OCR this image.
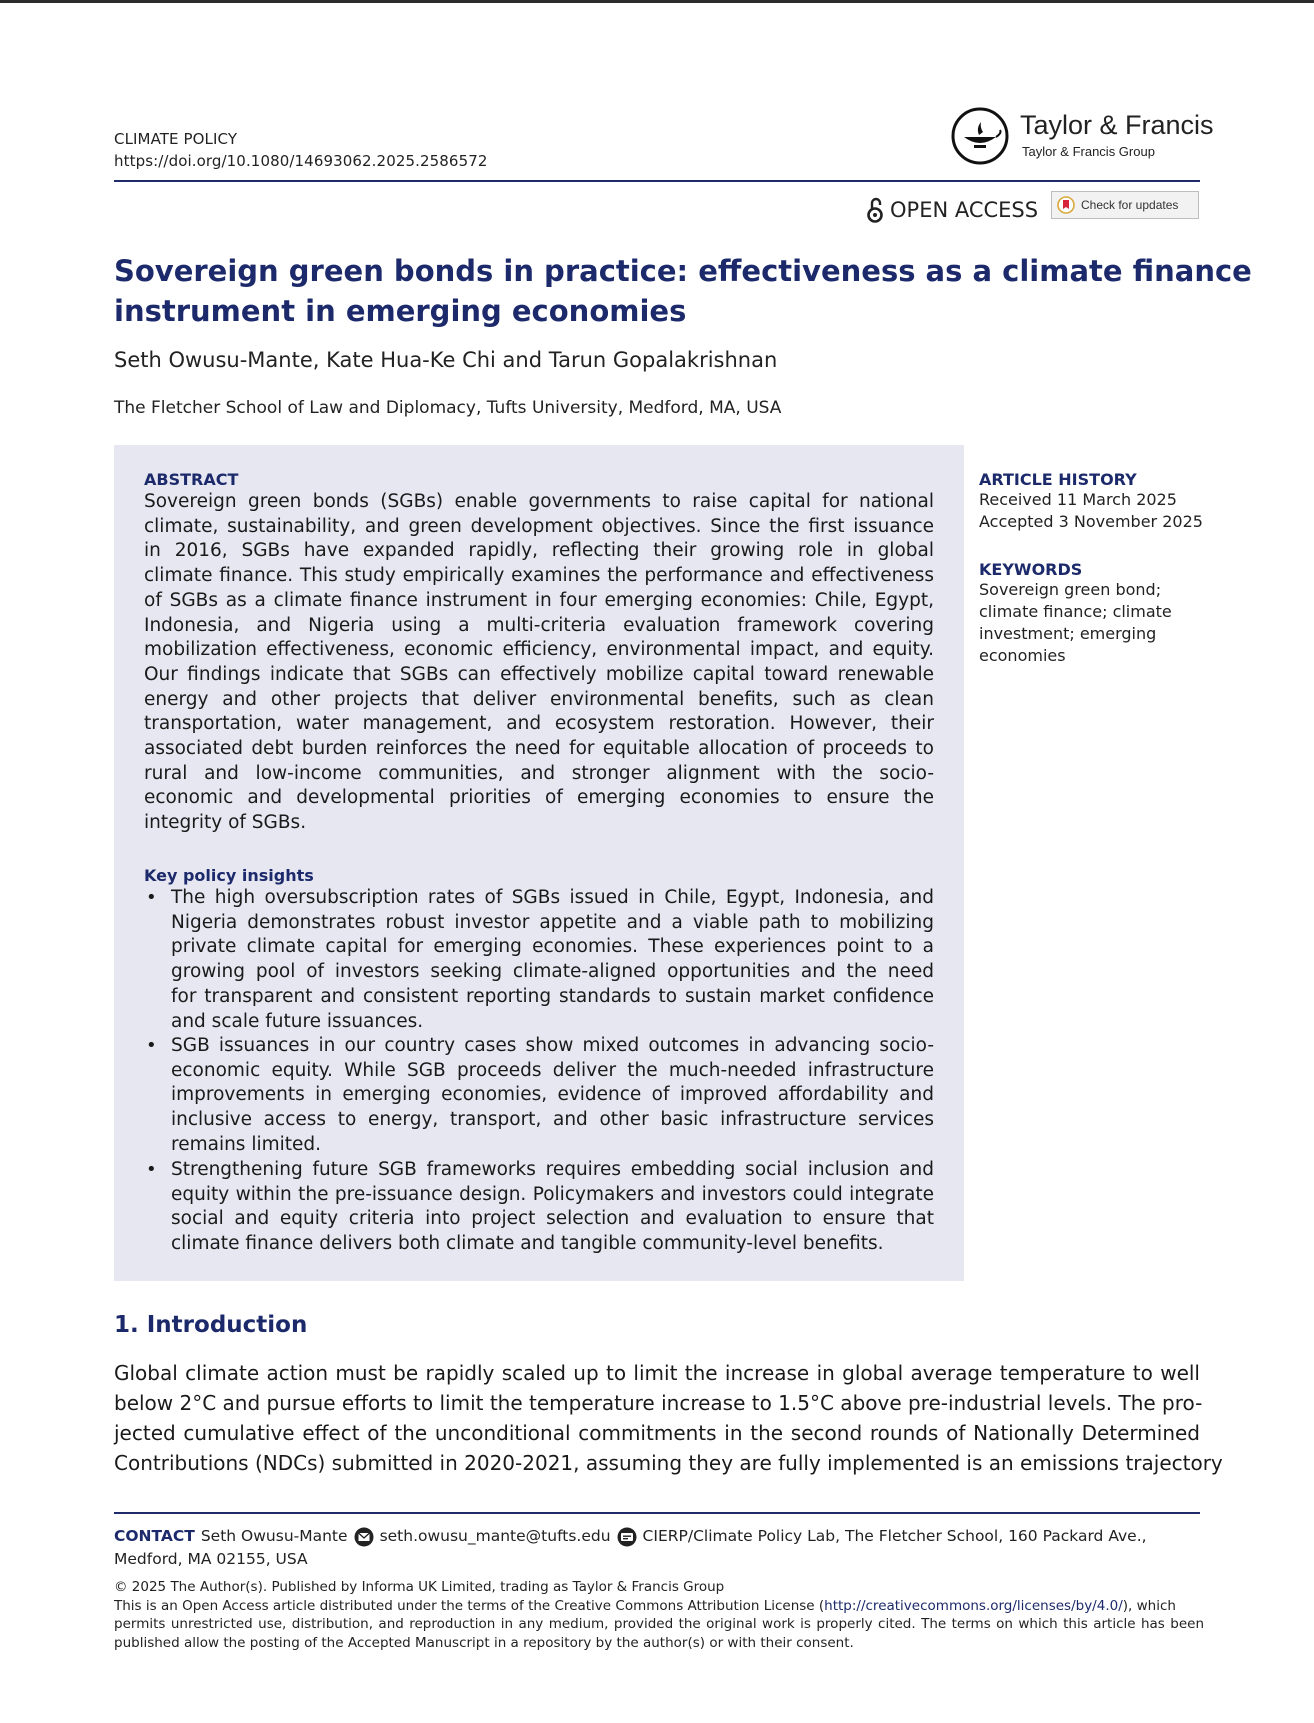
CLIMATE POLICY
https://doi.org/10.1080/14693062.2025.2586572
Taylor & Francis
Taylor & Francis Group
OPEN ACCESS	Check for updates
Sovereign green bonds in practice: effectiveness as a climate finance
instrument in emerging economies
Seth Owusu-Mante, Kate Hua-Ke Chi and Tarun Gopalakrishnan
The Fletcher School of Law and Diplomacy, Tufts University, Medford, MA, USA
ABSTRACT
Sovereign green bonds (SGBs) enable governments to raise capital for national
climate, sustainability, and green development objectives. Since the first issuance
in 2016, SGBs have expanded rapidly, reflecting their growing role in global
climate finance. This study empirically examines the performance and effectiveness
of SGBs as a climate finance instrument in four emerging economies: Chile, Egypt,
Indonesia, and Nigeria using a multi-criteria evaluation framework covering
mobilization effectiveness, economic efficiency, environmental impact, and equity.
Our findings indicate that SGBs can effectively mobilize capital toward renewable
energy and other projects that deliver environmental benefits, such as clean
transportation, water management, and ecosystem restoration. However, their
associated debt burden reinforces the need for equitable allocation of proceeds to
rural and low-income communities, and stronger alignment with the socio-
economic and developmental priorities of emerging economies to ensure the
integrity of SGBs.
Key policy insights
• The high oversubscription rates of SGBs issued in Chile, Egypt, Indonesia, and
Nigeria demonstrates robust investor appetite and a viable path to mobilizing
private climate capital for emerging economies. These experiences point to a
growing pool of investors seeking climate-aligned opportunities and the need
for transparent and consistent reporting standards to sustain market confidence
and scale future issuances.
• SGB issuances in our country cases show mixed outcomes in advancing socio-
economic equity. While SGB proceeds deliver the much-needed infrastructure
improvements in emerging economies, evidence of improved affordability and
inclusive access to energy, transport, and other basic infrastructure services
remains limited.
• Strengthening future SGB frameworks requires embedding social inclusion and
equity within the pre-issuance design. Policymakers and investors could integrate
social and equity criteria into project selection and evaluation to ensure that
climate finance delivers both climate and tangible community-level benefits.
ARTICLE HISTORY
Received 11 March 2025
Accepted 3 November 2025
KEYWORDS
Sovereign green bond;
climate finance; climate
investment; emerging
economies
1. Introduction
Global climate action must be rapidly scaled up to limit the increase in global average temperature to well
below 2°C and pursue efforts to limit the temperature increase to 1.5°C above pre-industrial levels. The pro-
jected cumulative effect of the unconditional commitments in the second rounds of Nationally Determined
Contributions (NDCs) submitted in 2020-2021, assuming they are fully implemented is an emissions trajectory
CONTACT Seth Owusu-Mante seth.owusu_mante@tufts.edu CIERP/Climate Policy Lab, The Fletcher School, 160 Packard Ave.,
Medford, MA 02155, USA
© 2025 The Author(s). Published by Informa UK Limited, trading as Taylor & Francis Group
This is an Open Access article distributed under the terms of the Creative Commons Attribution License (http://creativecommons.org/licenses/by/4.0/), which
permits unrestricted use, distribution, and reproduction in any medium, provided the original work is properly cited. The terms on which this article has been
published allow the posting of the Accepted Manuscript in a repository by the author(s) or with their consent.
